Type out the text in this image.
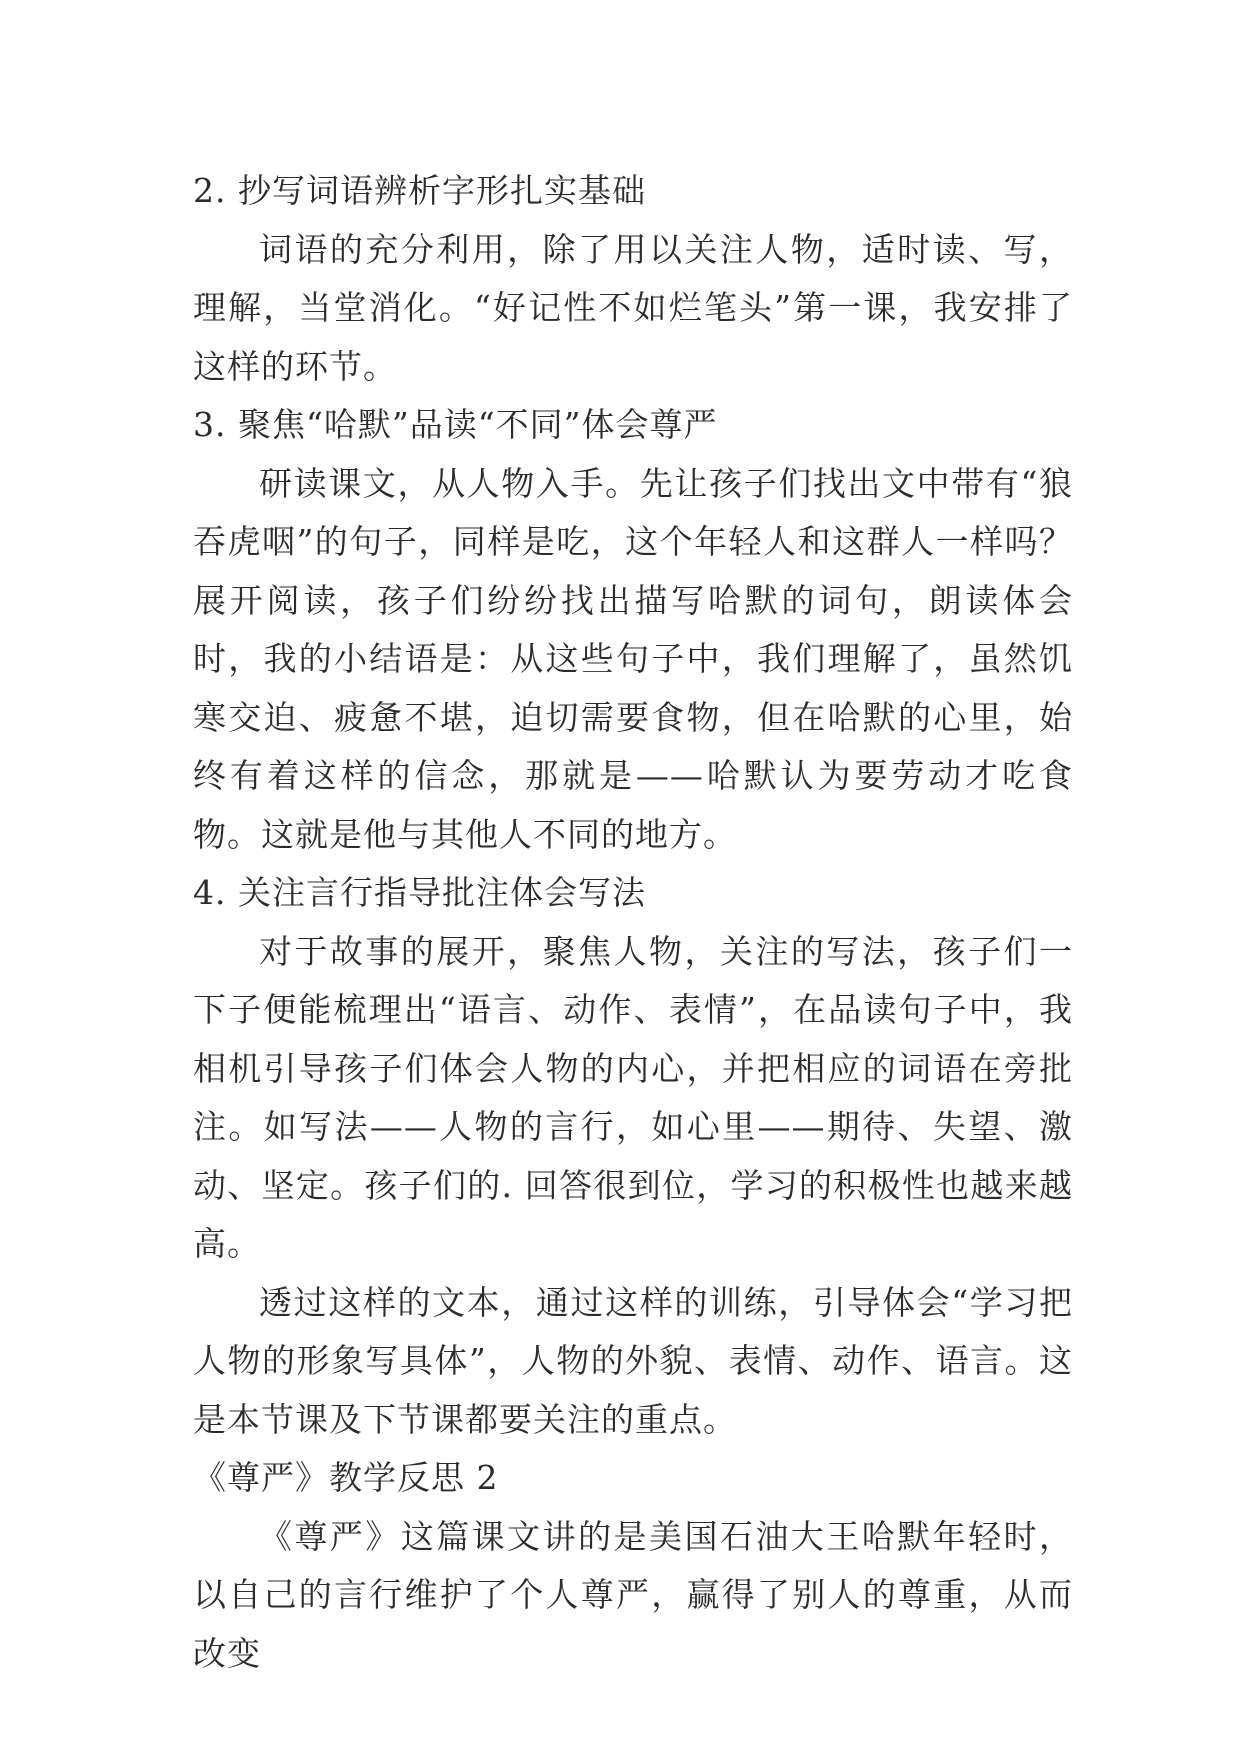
2. 抄写词语辨析字形扎实基础

词语的充分利用，除了用以关注人物，适时读、写，理解，当堂消化。“好记性不如烂笔头”第一课，我安排了这样的环节。

3. 聚焦“哈默”品读“不同”体会尊严

研读课文，从人物入手。先让孩子们找出文中带有“狼吞虎咽”的句子，同样是吃，这个年轻人和这群人一样吗？展开阅读，孩子们纷纷找出描写哈默的词句，朗读体会时，我的小结语是：从这些句子中，我们理解了，虽然饥寒交迫、疲惫不堪，迫切需要食物，但在哈默的心里，始终有着这样的信念，那就是——哈默认为要劳动才吃食物。这就是他与其他人不同的地方。

4. 关注言行指导批注体会写法

对于故事的展开，聚焦人物，关注的写法，孩子们一下子便能梳理出“语言、动作、表情”，在品读句子中，我相机引导孩子们体会人物的内心，并把相应的词语在旁批注。如写法——人物的言行，如心里——期待、失望、激动、坚定。孩子们的. 回答很到位，学习的积极性也越来越高。

透过这样的文本，通过这样的训练，引导体会“学习把人物的形象写具体”，人物的外貌、表情、动作、语言。这是本节课及下节课都要关注的重点。

《尊严》教学反思 2

《尊严》这篇课文讲的是美国石油大王哈默年轻时，以自己的言行维护了个人尊严，赢得了别人的尊重，从而改变
